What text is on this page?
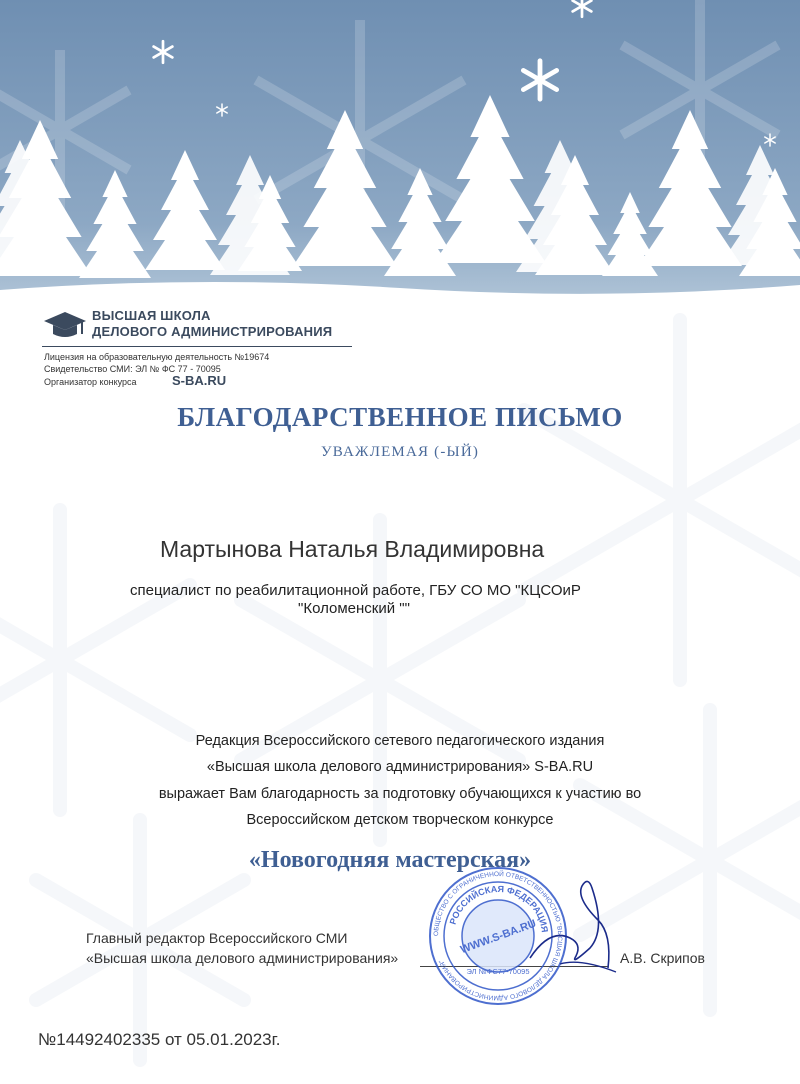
ВЫСШАЯ ШКОЛА
ДЕЛОВОГО АДМИНИСТРИРОВАНИЯ
Лицензия на образовательную деятельность №19674
Свидетельство СМИ: ЭЛ № ФС 77 - 70095
Организатор конкурса	S-BA.RU
БЛАГОДАРСТВЕННОЕ ПИСЬМО
УВАЖЛЕМАЯ (-ЫЙ)
Мартынова Наталья Владимировна
специалист по реабилитационной работе, ГБУ СО МО "КЦСОиР
"Коломенский ""
Редакция Всероссийского сетевого педагогического издания
«Высшая школа делового администрирования» S-BA.RU
выражает Вам благодарность за подготовку обучающихся к участию во
Всероссийском детском творческом конкурсе
«Новогодняя мастерская»
Главный редактор Всероссийского СМИ
«Высшая школа делового администрирования»	А.В. Скрипов
ОБЩЕСТВО С ОГРАНИЧЕННОЙ ОТВЕТСТВЕННОСТЬЮ "ВЫСШАЯ ШКОЛА ДЕЛОВОГО АДМИНИСТРИРОВАНИЯ"
РОССИЙСКАЯ ФЕДЕРАЦИЯ
WWW.S-BA.RU
ЭЛ №ФС77-70095
№14492402335 от 05.01.2023г.
